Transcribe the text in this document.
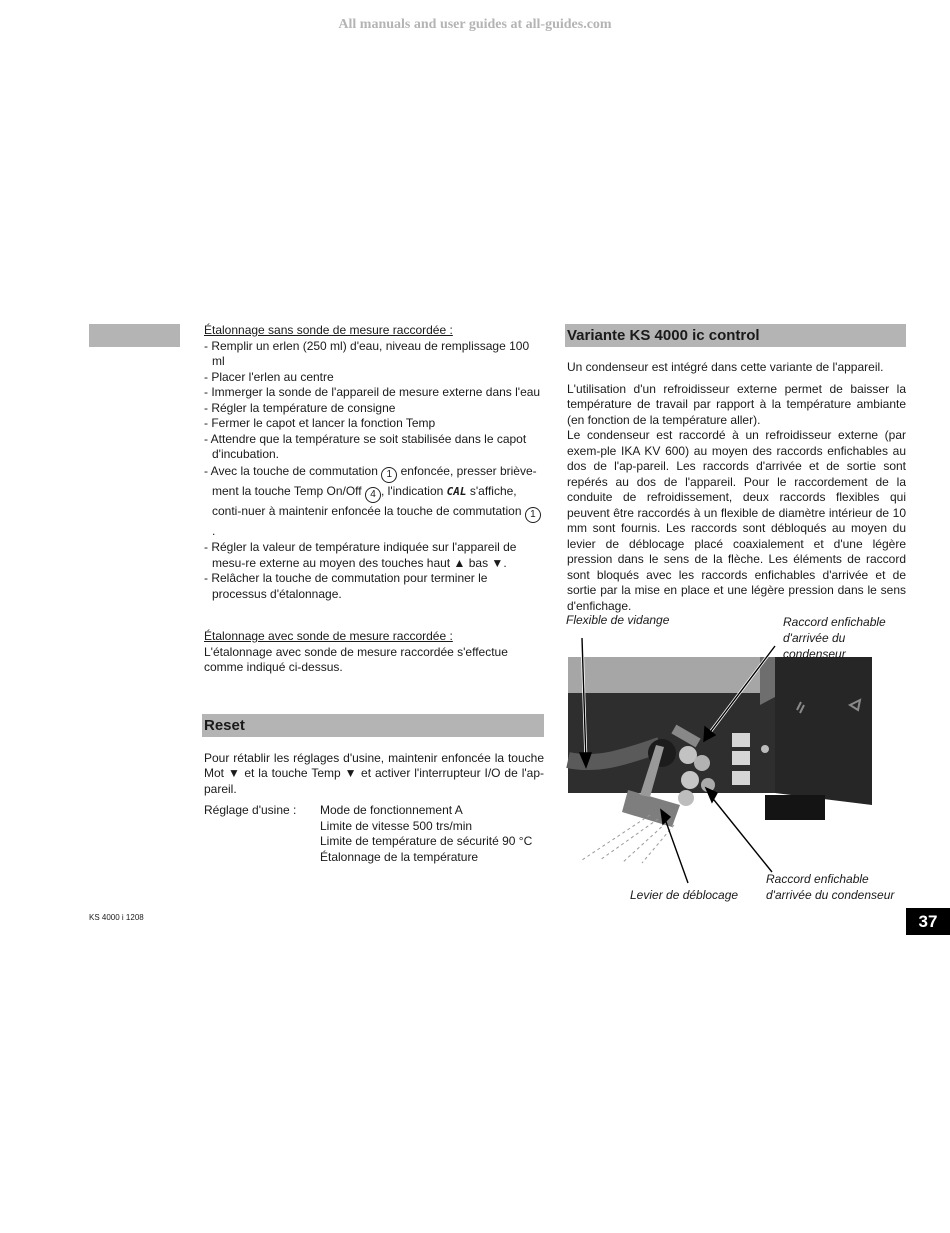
All manuals and user guides at all-guides.com
Étalonnage sans sonde de mesure raccordée :
- Remplir un erlen (250 ml) d'eau, niveau de remplissage 100 ml
- Placer l'erlen au centre
- Immerger la sonde de l'appareil de mesure externe dans l'eau
- Régler la température de consigne
- Fermer le capot et lancer la fonction Temp
- Attendre que la température se soit stabilisée dans le capot d'incubation.
- Avec la touche de commutation 1 enfoncée, presser briève-ment la touche Temp On/Off 4 , l'indication CAL s'affiche, conti-nuer à maintenir enfoncée la touche de commutation 1.
- Régler la valeur de température indiquée sur l'appareil de mesu-re externe au moyen des touches haut ▲ bas ▼.
- Relâcher la touche de commutation pour terminer le processus d'étalonnage.
Étalonnage avec sonde de mesure raccordée :
L'étalonnage avec sonde de mesure raccordée s'effectue comme indiqué ci-dessus.
Reset
Pour rétablir les réglages d'usine, maintenir enfoncée la touche Mot ▼ et la touche Temp ▼ et activer l'interrupteur I/O de l'ap-pareil.
Réglage d'usine :	Mode de fonctionnement A
Limite de vitesse 500 trs/min
Limite de température de sécurité 90 °C
Étalonnage de la température
Variante KS 4000 ic control
Un condenseur est intégré dans cette variante de l'appareil.
L'utilisation d'un refroidisseur externe permet de baisser la température de travail par rapport à la température ambiante (en fonction de la température aller).
Le condenseur est raccordé à un refroidisseur externe (par exem-ple IKA KV 600) au moyen des raccords enfichables au dos de l'ap-pareil. Les raccords d'arrivée et de sortie sont repérés au dos de l'appareil. Pour le raccordement de la conduite de refroidissement, deux raccords flexibles qui peuvent être raccordés à un flexible de diamètre intérieur de 10 mm sont fournis. Les raccords sont débloqués au moyen du levier de déblocage placé coaxialement et d'une légère pression dans le sens de la flèche. Les éléments de raccord sont bloqués avec les raccords enfichables d'arrivée et de sortie par la mise en place et une légère pression dans le sens d'enfichage.
Flexible de vidange	Raccord enfichable
d'arrivée du condenseur
Levier de déblocage
Raccord enfichable
d'arrivée du condenseur
KS 4000 i 1208	37
